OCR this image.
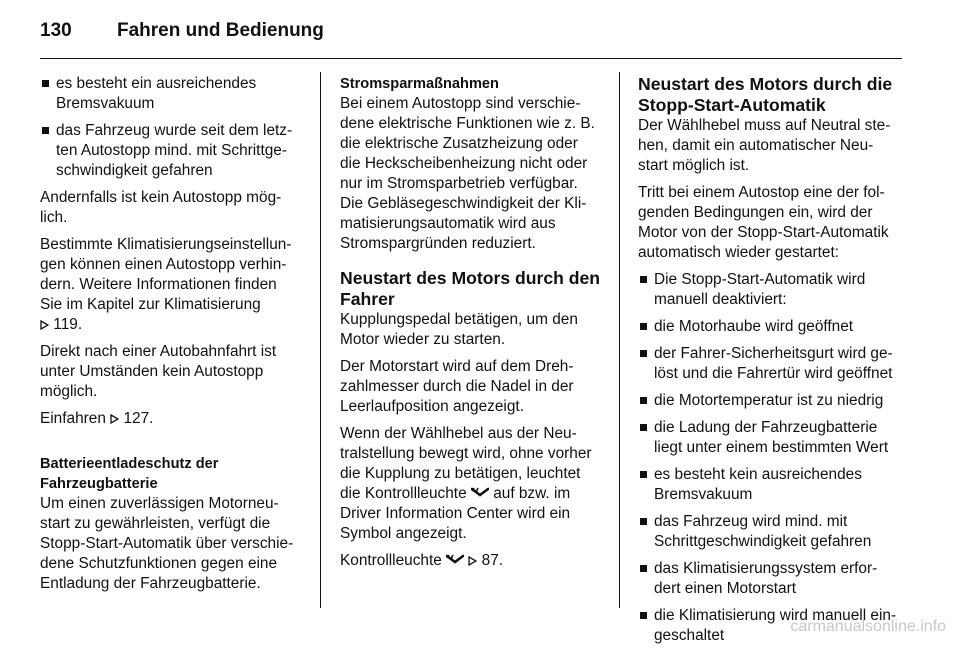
130 Fahren und Bedienung
es besteht ein ausreichendes
Bremsvakuum
das Fahrzeug wurde seit dem letz-
ten Autostopp mind. mit Schrittge-
schwindigkeit gefahren
Andernfalls ist kein Autostopp mög-
lich.
Bestimmte Klimatisierungseinstellun-
gen können einen Autostopp verhin-
dern. Weitere Informationen finden
Sie im Kapitel zur Klimatisierung
119.
Direkt nach einer Autobahnfahrt ist
unter Umständen kein Autostopp
möglich.
Einfahren 127.
Batterieentladeschutz der
Fahrzeugbatterie
Um einen zuverlässigen Motorneu-
start zu gewährleisten, verfügt die
Stopp-Start-Automatik über verschie-
dene Schutzfunktionen gegen eine
Entladung der Fahrzeugbatterie.
Stromsparmaßnahmen
Bei einem Autostopp sind verschie-
dene elektrische Funktionen wie z. B.
die elektrische Zusatzheizung oder
die Heckscheibenheizung nicht oder
nur im Stromsparbetrieb verfügbar.
Die Gebläsegeschwindigkeit der Kli-
matisierungsautomatik wird aus
Stromspargründen reduziert.
Neustart des Motors durch den
Fahrer
Kupplungspedal betätigen, um den
Motor wieder zu starten.
Der Motorstart wird auf dem Dreh-
zahlmesser durch die Nadel in der
Leerlaufposition angezeigt.
Wenn der Wählhebel aus der Neu-
tralstellung bewegt wird, ohne vorher
die Kupplung zu betätigen, leuchtet
die Kontrollleuchte auf bzw. im
Driver Information Center wird ein
Symbol angezeigt.
Kontrollleuchte	87.
Neustart des Motors durch die
Stopp-Start-Automatik
Der Wählhebel muss auf Neutral ste-
hen, damit ein automatischer Neu-
start möglich ist.
Tritt bei einem Autostop eine der fol-
genden Bedingungen ein, wird der
Motor von der Stopp-Start-Automatik
automatisch wieder gestartet:
Die Stopp-Start-Automatik wird
manuell deaktiviert:
die Motorhaube wird geöffnet
der Fahrer-Sicherheitsgurt wird ge-
löst und die Fahrertür wird geöffnet
die Motortemperatur ist zu niedrig
die Ladung der Fahrzeugbatterie
liegt unter einem bestimmten Wert
es besteht kein ausreichendes
Bremsvakuum
das Fahrzeug wird mind. mit
Schrittgeschwindigkeit gefahren
das Klimatisierungssystem erfor-
dert einen Motorstart
die Klimatisierung wird manuell ein-
geschaltet
carmanualsonline.info
